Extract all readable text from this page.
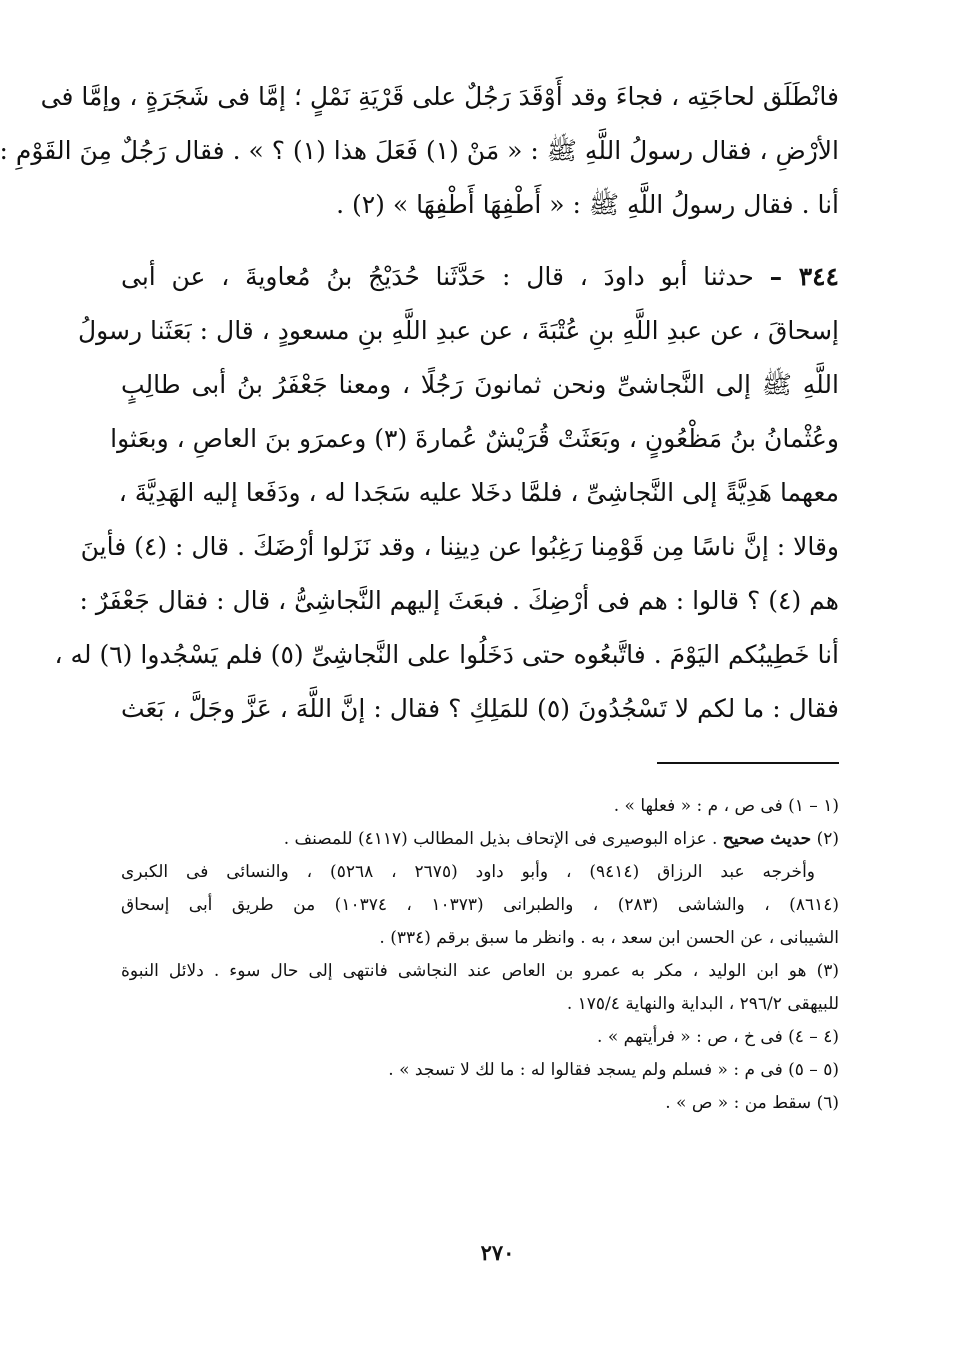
فانْطَلَق لحاجَتِه ، فجاءَ وقد أَوْقَدَ رَجُلٌ على قَرْيَةِ نَمْلٍ ؛ إمَّا فى شَجَرَةٍ ، وإمَّا فى
الأرْضِ ، فقال رسولُ اللَّهِ ﷺ : « مَنْ (١) فَعَلَ هذا (١) ؟ » . فقال رَجُلٌ مِنَ القَوْمِ :
أنا . فقال رسولُ اللَّهِ ﷺ : « أَطْفِهَا أَطْفِهَا » (٢) .
٣٤٤ – حدثنا أبو داودَ ، قال : حَدَّثَنا حُدَيْجُ بنُ مُعاويةَ ، عن أبى
إسحاقَ ، عن عبدِ اللَّهِ بنِ عُتْبَةَ ، عن عبدِ اللَّهِ بنِ مسعودٍ ، قال : بَعَثَنا رسولُ
اللَّهِ ﷺ إلى النَّجاشىِّ ونحن ثمانونَ رَجُلًا ، ومعنا جَعْفَرُ بنُ أبى طالِبٍ
وعُثْمانُ بنُ مَظْعُونٍ ، وبَعَثَتْ قُرَيْشٌ عُمارةَ (٣) وعمرَو بنَ العاصِ ، وبعَثوا
معهما هَدِيَّةً إلى النَّجاشِىِّ ، فلمَّا دخَلا عليه سَجَدا له ، ودَفَعا إليه الهَدِيَّةَ ،
وقالا : إنَّ ناسًا مِن قَوْمِنا رَغِبُوا عن دِينِنا ، وقد نَزَلوا أرْضَكَ . قال : (٤) فأينَ
هم (٤) ؟ قالوا : هم فى أرْضِكَ . فبعَثَ إليهم النَّجاشِىُّ ، قال : فقال جَعْفَرٌ :
أنا خَطِيبُكم اليَوْمَ . فاتَّبعُوه حتى دَخَلُوا على النَّجاشِىِّ (٥) فلم يَسْجُدوا (٦) له ،
فقال : ما لكم لا تَسْجُدُونَ (٥) للمَلِكِ ؟ فقال : إنَّ اللَّهَ ، عَزَّ وجَلَّ ، بَعَث
(١ – ١) فى ص ، م : « فعلها » .
(٢) حديث صحيح . عزاه البوصيرى فى الإتحاف بذيل المطالب (٤١١٧) للمصنف .
وأخرجه عبد الرزاق (٩٤١٤) ، وأبو داود (٢٦٧٥ ، ٥٢٦٨) ، والنسائى فى الكبرى
(٨٦١٤) ، والشاشى (٢٨٣) ، والطبرانى (١٠٣٧٣ ، ١٠٣٧٤) من طريق أبى إسحاق
الشيبانى ، عن الحسن ابن سعد ، به . وانظر ما سبق برقم (٣٣٤) .
(٣) هو ابن الوليد ، مكر به عمرو بن العاص عند النجاشى فانتهى إلى حال سوء . دلائل النبوة
للبيهقى ٢٩٦/٢ ، البداية والنهاية ١٧٥/٤ .
(٤ – ٤) فى خ ، ص : « فرأيتهم » .
(٥ – ٥) فى م : « فسلم ولم يسجد فقالوا له : ما لك لا تسجد » .
(٦) سقط من : « ص » .
٢٧٠
